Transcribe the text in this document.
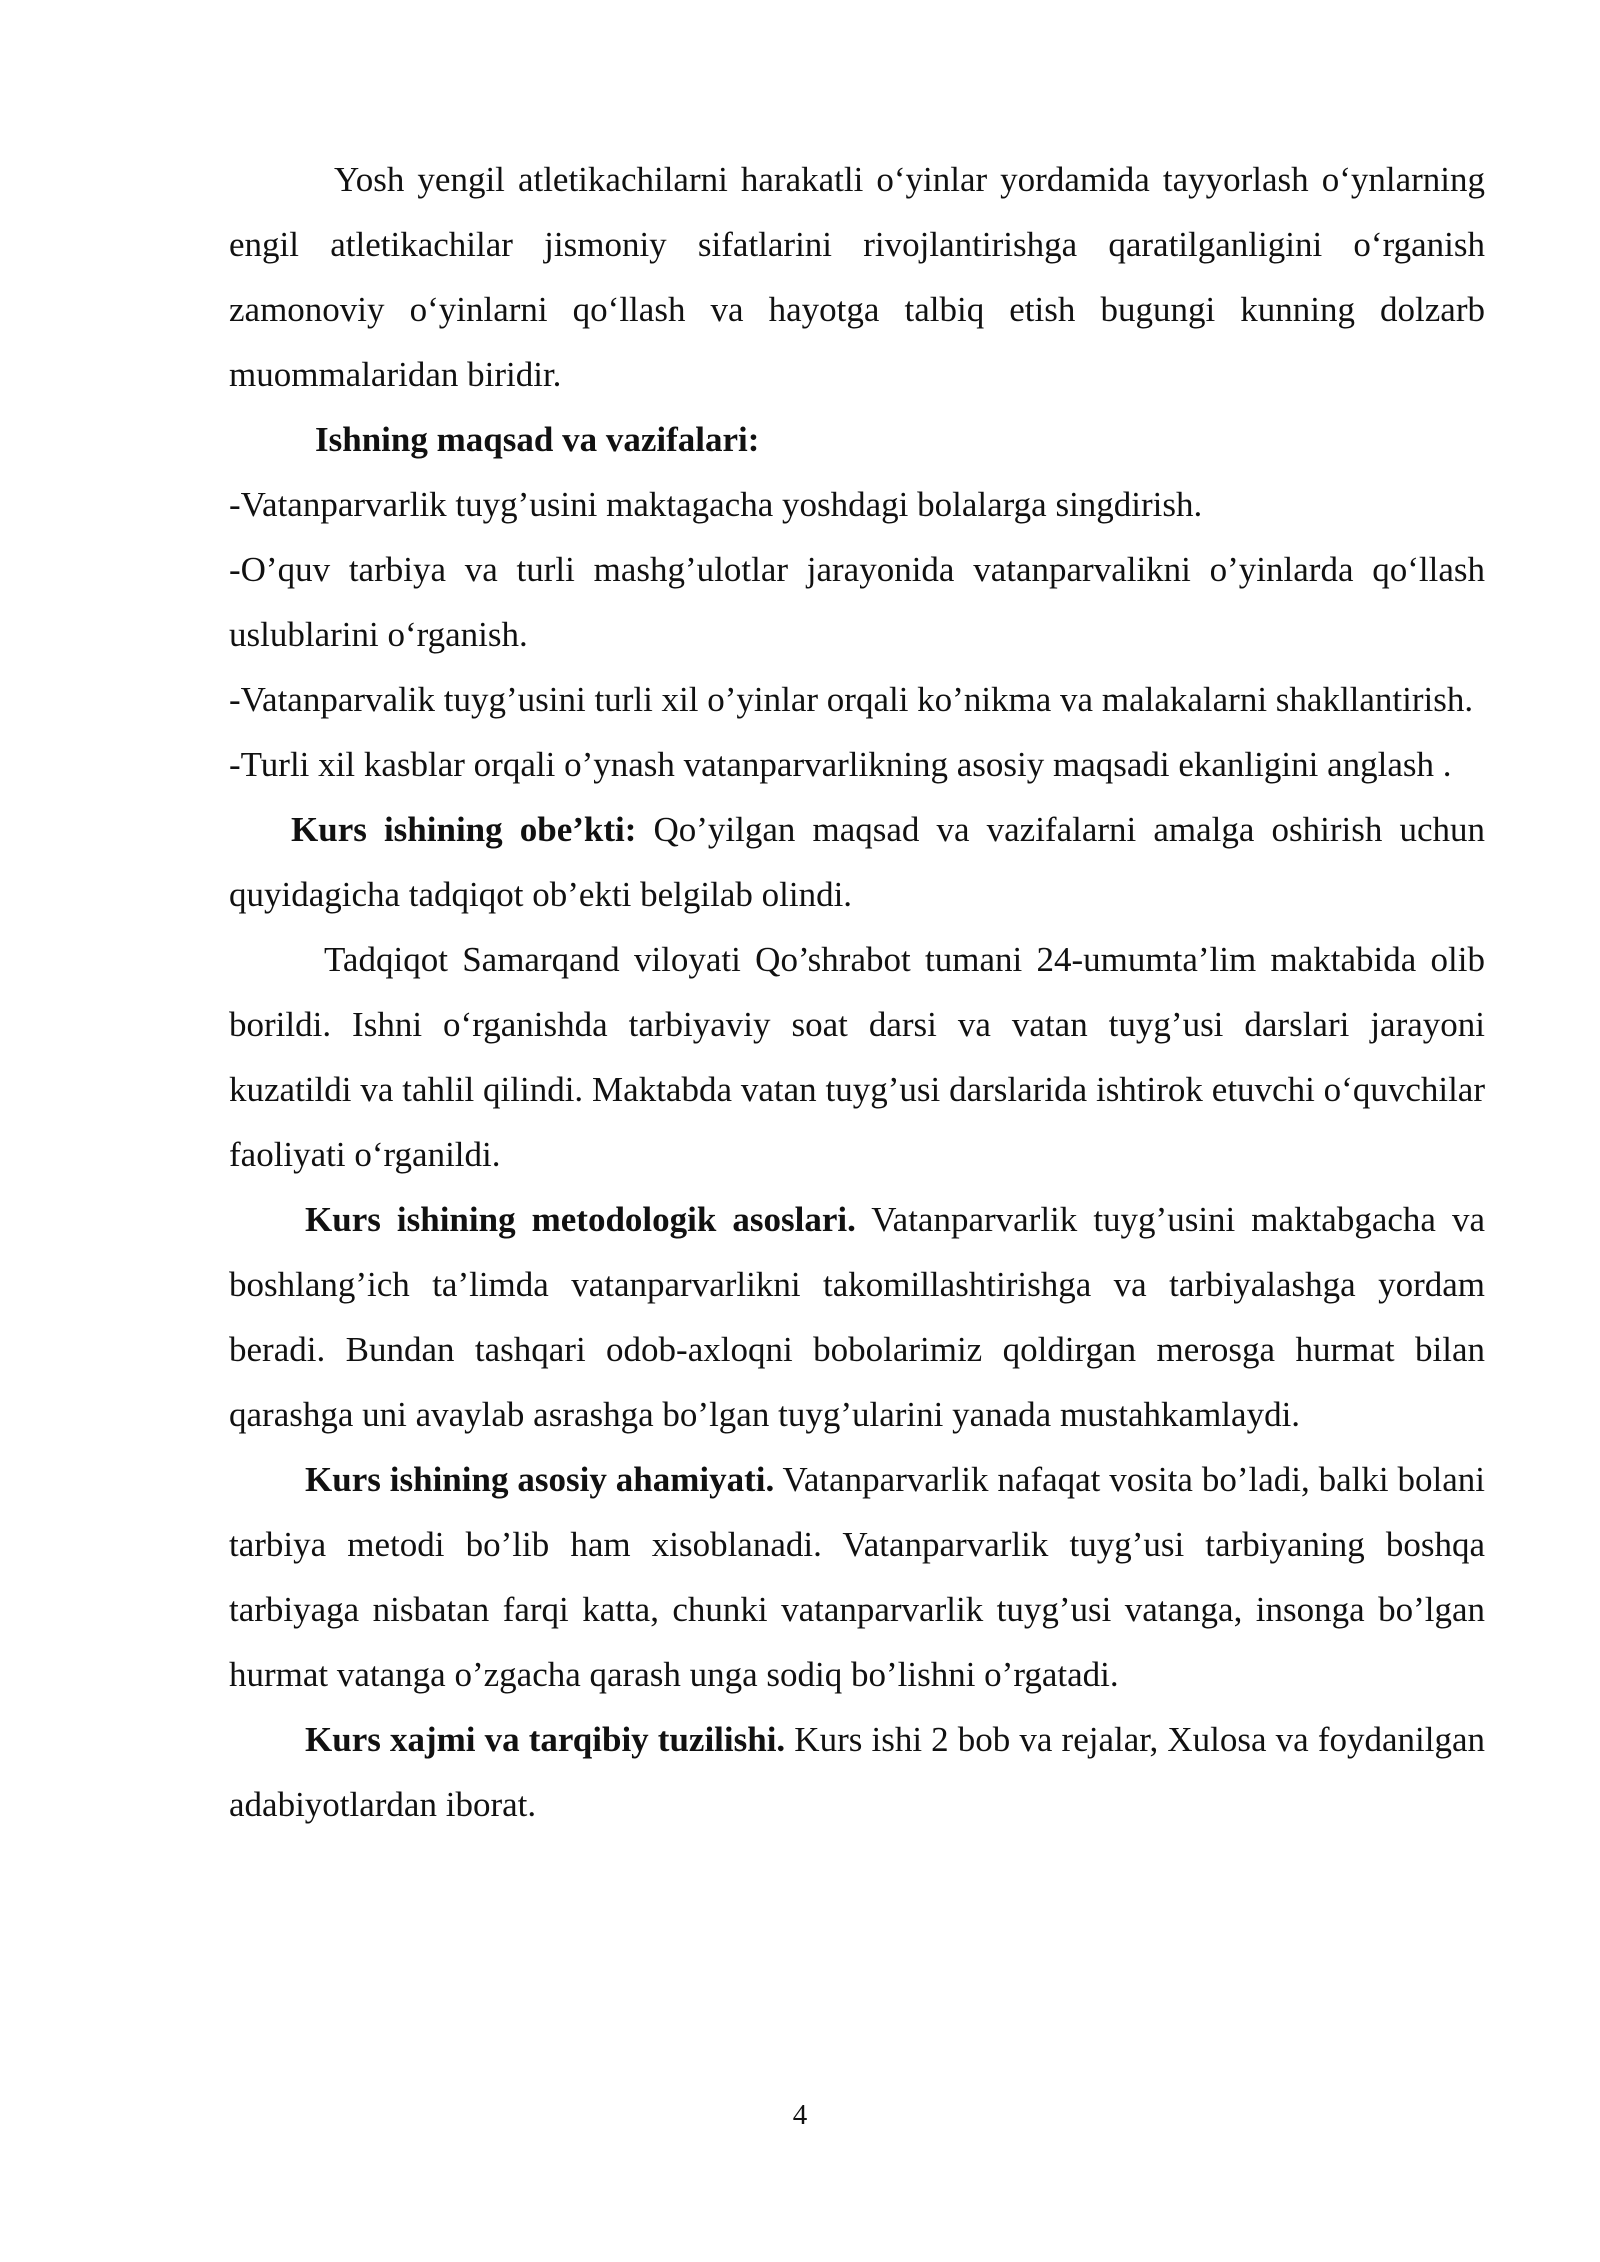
Yosh yengil atletikachilarni harakatli o‘yinlar yordamida tayyorlash o‘ynlarning engil atletikachilar jismoniy sifatlarini rivojlantirishga qaratilganligini o‘rganish zamonoviy o‘yinlarni qo‘llash va hayotga talbiq etish bugungi kunning dolzarb muommalaridan biridir.

Ishning maqsad va vazifalari:

-Vatanparvarlik tuyg’usini maktagacha yoshdagi bolalarga singdirish.

-O’quv tarbiya va turli mashg’ulotlar jarayonida vatanparvalikni o’yinlarda qo‘llash uslublarini o‘rganish.

-Vatanparvalik tuyg’usini turli xil o’yinlar orqali ko’nikma va malakalarni shakllantirish.

-Turli xil kasblar orqali o’ynash vatanparvarlikning asosiy maqsadi ekanligini anglash .

Kurs ishining obe’kti: Qo’yilgan maqsad va vazifalarni amalga oshirish uchun quyidagicha tadqiqot ob’ekti belgilab olindi.

Tadqiqot Samarqand viloyati Qo’shrabot tumani 24-umumta’lim maktabida olib borildi. Ishni o‘rganishda tarbiyaviy soat darsi va vatan tuyg’usi darslari jarayoni kuzatildi va tahlil qilindi. Maktabda vatan tuyg’usi darslarida ishtirok etuvchi o‘quvchilar faoliyati o‘rganildi.

Kurs ishining metodologik asoslari. Vatanparvarlik tuyg’usini maktabgacha va boshlang’ich ta’limda vatanparvarlikni takomillashtirishga va tarbiyalashga yordam beradi. Bundan tashqari odob-axloqni bobolarimiz qoldirgan merosga hurmat bilan qarashga uni avaylab asrashga bo’lgan tuyg’ularini yanada mustahkamlaydi.

Kurs ishining asosiy ahamiyati. Vatanparvarlik nafaqat vosita bo’ladi, balki bolani tarbiya metodi bo’lib ham xisoblanadi. Vatanparvarlik tuyg’usi tarbiyaning boshqa tarbiyaga nisbatan farqi katta, chunki vatanparvarlik tuyg’usi vatanga, insonga bo’lgan hurmat vatanga o’zgacha qarash unga sodiq bo’lishni o’rgatadi.

Kurs xajmi va tarqibiy tuzilishi. Kurs ishi 2 bob va rejalar, Xulosa va foydanilgan adabiyotlardan iborat.

4
